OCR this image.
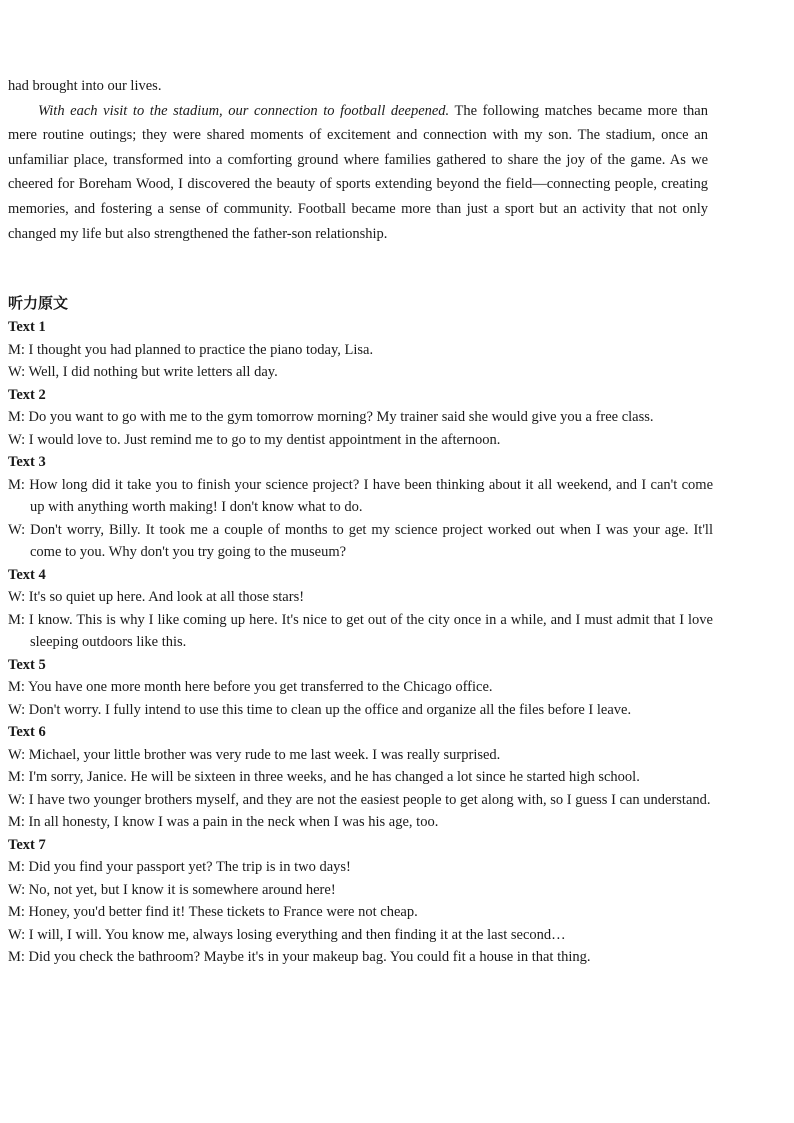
had brought into our lives.

With each visit to the stadium, our connection to football deepened. The following matches became more than mere routine outings; they were shared moments of excitement and connection with my son. The stadium, once an unfamiliar place, transformed into a comforting ground where families gathered to share the joy of the game. As we cheered for Boreham Wood, I discovered the beauty of sports extending beyond the field—connecting people, creating memories, and fostering a sense of community. Football became more than just a sport but an activity that not only changed my life but also strengthened the father-son relationship.

听力原文

Text 1

M: I thought you had planned to practice the piano today, Lisa.

W: Well, I did nothing but write letters all day.

Text 2

M: Do you want to go with me to the gym tomorrow morning? My trainer said she would give you a free class.

W: I would love to. Just remind me to go to my dentist appointment in the afternoon.

Text 3

M: How long did it take you to finish your science project? I have been thinking about it all weekend, and I can't come up with anything worth making! I don't know what to do.

W: Don't worry, Billy. It took me a couple of months to get my science project worked out when I was your age. It'll come to you. Why don't you try going to the museum?

Text 4

W: It's so quiet up here. And look at all those stars!

M: I know. This is why I like coming up here. It's nice to get out of the city once in a while, and I must admit that I love sleeping outdoors like this.

Text 5

M: You have one more month here before you get transferred to the Chicago office.

W: Don't worry. I fully intend to use this time to clean up the office and organize all the files before I leave.

Text 6

W: Michael, your little brother was very rude to me last week. I was really surprised.

M: I'm sorry, Janice. He will be sixteen in three weeks, and he has changed a lot since he started high school.

W: I have two younger brothers myself, and they are not the easiest people to get along with, so I guess I can understand.

M: In all honesty, I know I was a pain in the neck when I was his age, too.

Text 7

M: Did you find your passport yet? The trip is in two days!

W: No, not yet, but I know it is somewhere around here!

M: Honey, you'd better find it! These tickets to France were not cheap.

W: I will, I will. You know me, always losing everything and then finding it at the last second…

M: Did you check the bathroom? Maybe it's in your makeup bag. You could fit a house in that thing.
